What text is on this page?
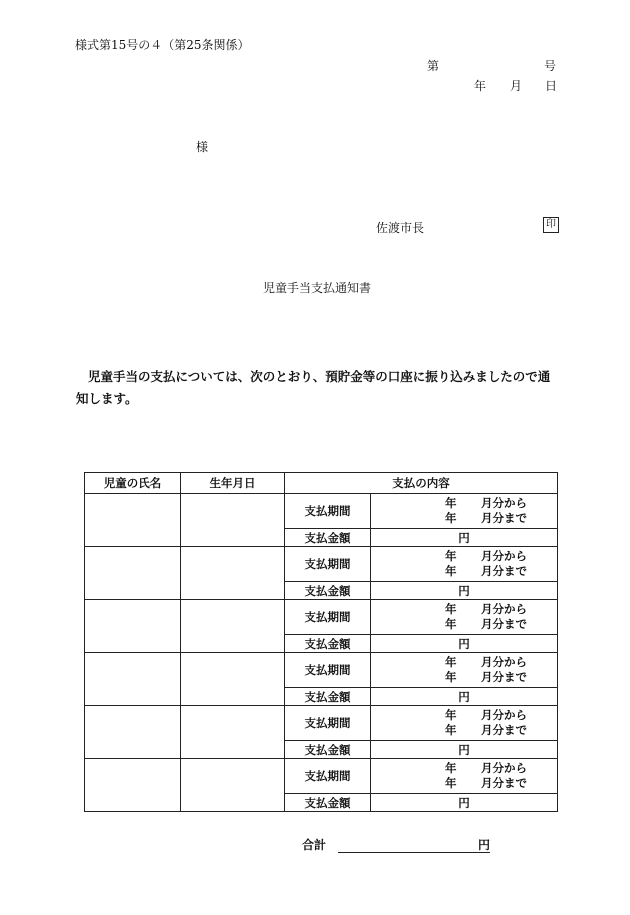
様式第15号の４（第25条関係）
第	号
年 月 日
様
佐渡市長	印
児童手当支払通知書
児童手当の支払については、次のとおり、預貯金等の口座に振り込みましたので通知します。
児童の氏名	生年月日	支払の内容	
		支払期間	年 月分から
年 月分まで

		支払金額	円
		支払期間	年 月分から
年 月分まで

		支払金額	円
		支払期間	年 月分から
年 月分まで

		支払金額	円
		支払期間	年 月分から
年 月分まで

		支払金額	円
		支払期間	年 月分から
年 月分まで

		支払金額	円
		支払期間	年 月分から
年 月分まで

		支払金額	円
合計	円
